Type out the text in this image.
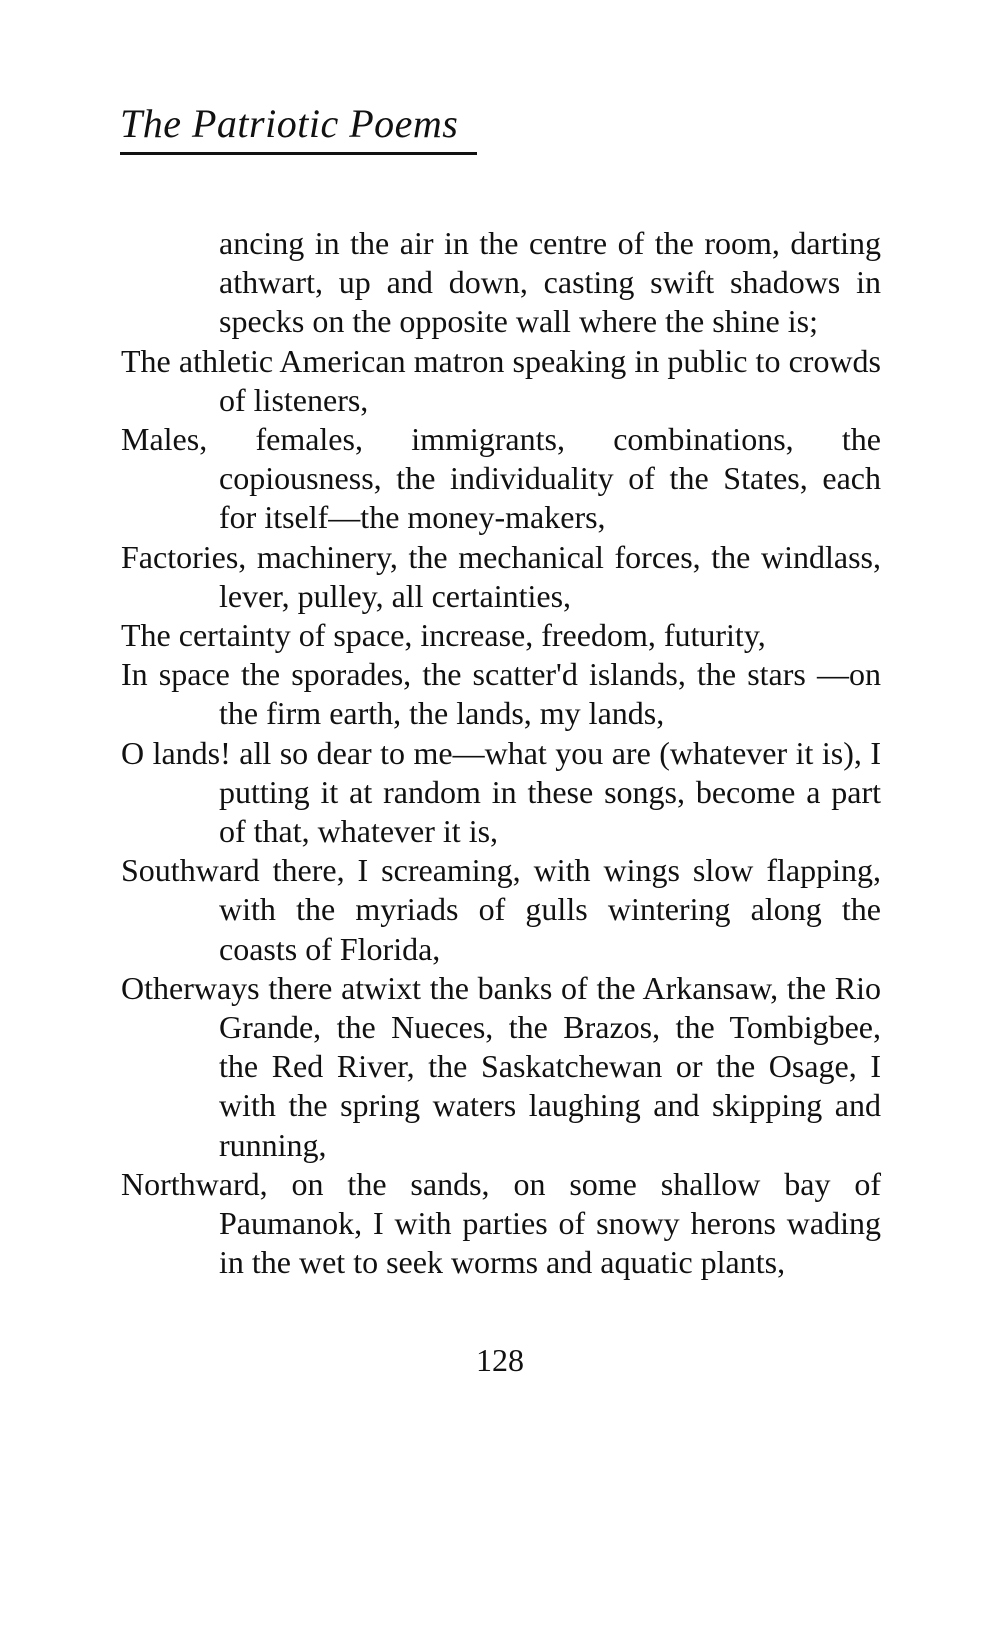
The Patriotic Poems
ancing in the air in the centre of the room, darting athwart, up and down, casting swift shadows in specks on the opposite wall where the shine is;
The athletic American matron speaking in public to crowds of listeners,
Males, females, immigrants, combinations, the copiousness, the individuality of the States, each for itself—the money-makers,
Factories, machinery, the mechanical forces, the windlass, lever, pulley, all certainties,
The certainty of space, increase, freedom, futurity,
In space the sporades, the scatter'd islands, the stars —on the firm earth, the lands, my lands,
O lands! all so dear to me—what you are (whatever it is), I putting it at random in these songs, become a part of that, whatever it is,
Southward there, I screaming, with wings slow flapping, with the myriads of gulls wintering along the coasts of Florida,
Otherways there atwixt the banks of the Arkansaw, the Rio Grande, the Nueces, the Brazos, the Tombigbee, the Red River, the Saskatchewan or the Osage, I with the spring waters laughing and skipping and running,
Northward, on the sands, on some shallow bay of Paumanok, I with parties of snowy herons wading in the wet to seek worms and aquatic plants,
128
